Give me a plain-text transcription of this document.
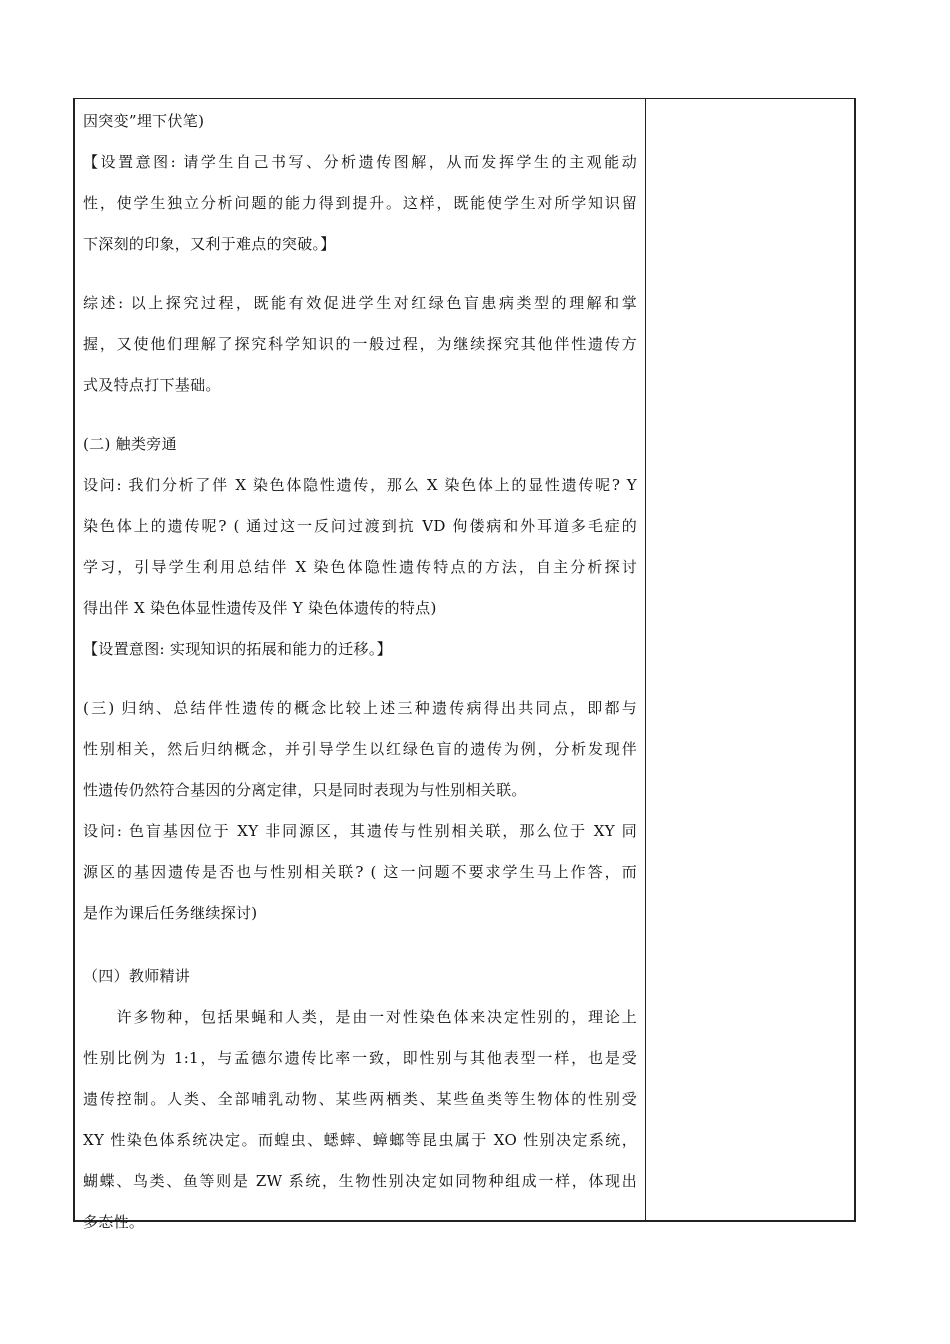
因突变”埋下伏笔)
【设置意图: 请学生自己书写、分析遗传图解，从而发挥学生的主观能动
性，使学生独立分析问题的能力得到提升。这样，既能使学生对所学知识留
下深刻的印象，又利于难点的突破。】
综述: 以上探究过程，既能有效促进学生对红绿色盲患病类型的理解和掌
握，又使他们理解了探究科学知识的一般过程，为继续探究其他伴性遗传方
式及特点打下基础。
(二) 触类旁通
设问: 我们分析了伴 X 染色体隐性遗传，那么 X 染色体上的显性遗传呢? Y
染色体上的遗传呢? ( 通过这一反问过渡到抗 VD 佝偻病和外耳道多毛症的
学习，引导学生利用总结伴 X 染色体隐性遗传特点的方法，自主分析探讨
得出伴 X 染色体显性遗传及伴 Y 染色体遗传的特点)
【设置意图: 实现知识的拓展和能力的迁移。】
(三) 归纳、总结伴性遗传的概念比较上述三种遗传病得出共同点，即都与
性别相关，然后归纳概念，并引导学生以红绿色盲的遗传为例，分析发现伴
性遗传仍然符合基因的分离定律，只是同时表现为与性别相关联。
设问: 色盲基因位于 XY 非同源区，其遗传与性别相关联，那么位于 XY 同
源区的基因遗传是否也与性别相关联? ( 这一问题不要求学生马上作答，而
是作为课后任务继续探讨)
（四）教师精讲
　　许多物种，包括果蝇和人类，是由一对性染色体来决定性别的，理论上
性别比例为 1:1，与孟德尔遗传比率一致，即性别与其他表型一样，也是受
遗传控制。人类、全部哺乳动物、某些两栖类、某些鱼类等生物体的性别受
XY 性染色体系统决定。而蝗虫、蟋蟀、蟑螂等昆虫属于 XO 性别决定系统，
蝴蝶、鸟类、鱼等则是 ZW 系统，生物性别决定如同物种组成一样，体现出
多态性。
